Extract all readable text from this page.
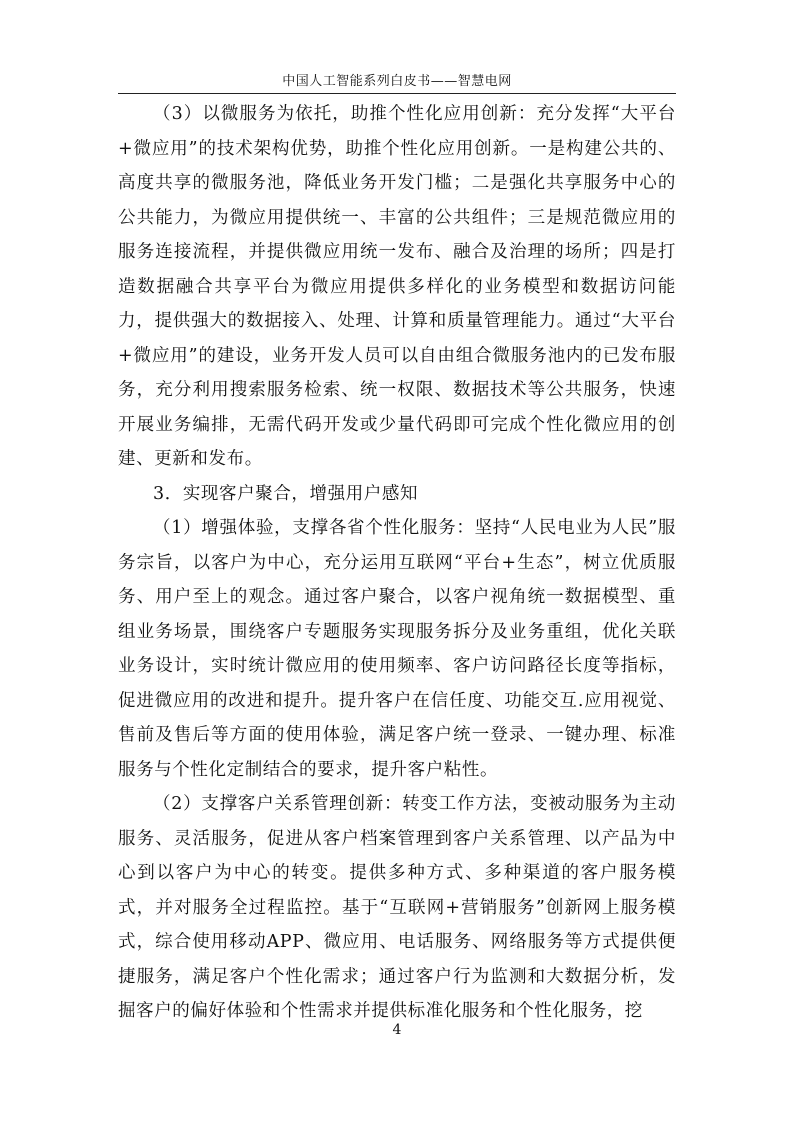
中国人工智能系列白皮书——智慧电网

（3）以微服务为依托，助推个性化应用创新：充分发挥“大平台+微应用”的技术架构优势，助推个性化应用创新。一是构建公共的、高度共享的微服务池，降低业务开发门槛；二是强化共享服务中心的公共能力，为微应用提供统一、丰富的公共组件；三是规范微应用的服务连接流程，并提供微应用统一发布、融合及治理的场所；四是打造数据融合共享平台为微应用提供多样化的业务模型和数据访问能力，提供强大的数据接入、处理、计算和质量管理能力。通过“大平台+微应用”的建设，业务开发人员可以自由组合微服务池内的已发布服务，充分利用搜索服务检索、统一权限、数据技术等公共服务，快速开展业务编排，无需代码开发或少量代码即可完成个性化微应用的创建、更新和发布。

3．实现客户聚合，增强用户感知

（1）增强体验，支撑各省个性化服务：坚持“人民电业为人民”服务宗旨，以客户为中心，充分运用互联网“平台+生态”，树立优质服务、用户至上的观念。通过客户聚合，以客户视角统一数据模型、重组业务场景，围绕客户专题服务实现服务拆分及业务重组，优化关联业务设计，实时统计微应用的使用频率、客户访问路径长度等指标，促进微应用的改进和提升。提升客户在信任度、功能交互.应用视觉、售前及售后等方面的使用体验，满足客户统一登录、一键办理、标准服务与个性化定制结合的要求，提升客户粘性。

（2）支撑客户关系管理创新：转变工作方法，变被动服务为主动服务、灵活服务，促进从客户档案管理到客户关系管理、以产品为中心到以客户为中心的转变。提供多种方式、多种渠道的客户服务模式，并对服务全过程监控。基于“互联网+营销服务”创新网上服务模式，综合使用移动APP、微应用、电话服务、网络服务等方式提供便捷服务，满足客户个性化需求；通过客户行为监测和大数据分析，发掘客户的偏好体验和个性需求并提供标准化服务和个性化服务，挖

4
